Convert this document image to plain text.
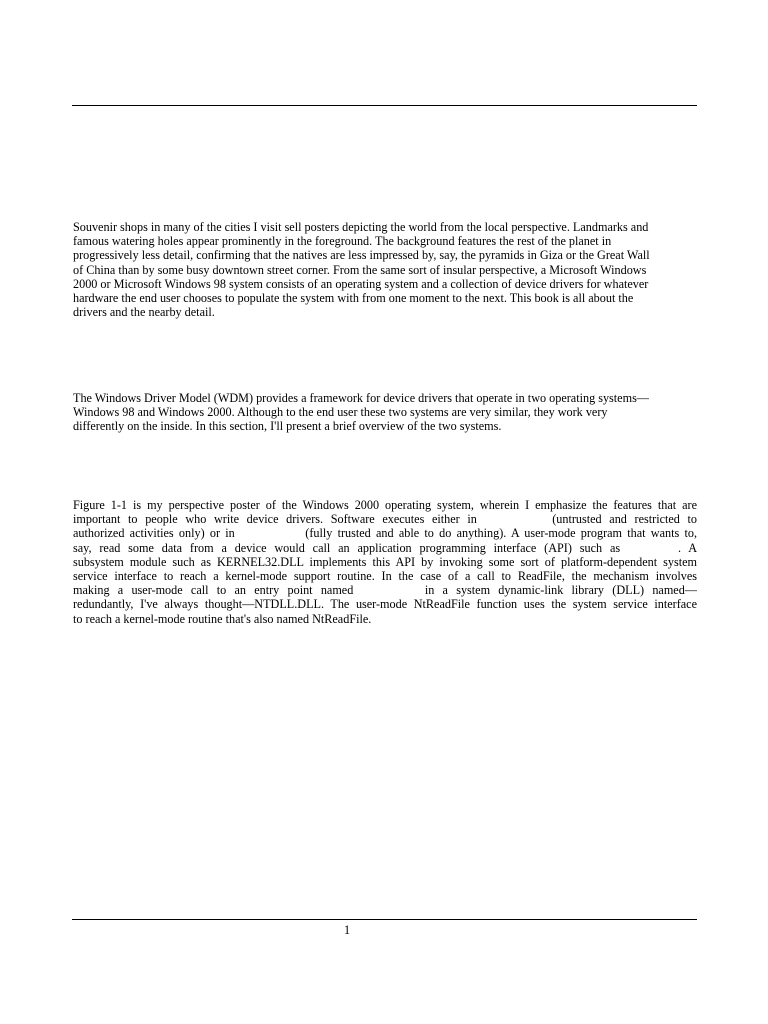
Souvenir shops in many of the cities I visit sell posters depicting the world from the local perspective. Landmarks and
famous watering holes appear prominently in the foreground. The background features the rest of the planet in
progressively less detail, confirming that the natives are less impressed by, say, the pyramids in Giza or the Great Wall
of China than by some busy downtown street corner. From the same sort of insular perspective, a Microsoft Windows
2000 or Microsoft Windows 98 system consists of an operating system and a collection of device drivers for whatever
hardware the end user chooses to populate the system with from one moment to the next. This book is all about the
drivers and the nearby detail.

The Windows Driver Model (WDM) provides a framework for device drivers that operate in two operating systems—
Windows 98 and Windows 2000. Although to the end user these two systems are very similar, they work very
differently on the inside. In this section, I'll present a brief overview of the two systems.

Figure 1-1 is my perspective poster of the Windows 2000 operating system, wherein I emphasize the features that are
important to people who write device drivers. Software executes either in	(untrusted and restricted to
authorized activities only) or in	(fully trusted and able to do anything). A user-mode program that wants to,
say, read some data from a device would call an application programming interface (API) such as	. A
subsystem module such as KERNEL32.DLL implements this API by invoking some sort of platform-dependent system
service interface to reach a kernel-mode support routine. In the case of a call to ReadFile, the mechanism involves
making a user-mode call to an entry point named	in a system dynamic-link library (DLL) named—
redundantly, I've always thought—NTDLL.DLL. The user-mode NtReadFile function uses the system service interface
to reach a kernel-mode routine that's also named NtReadFile.
1
